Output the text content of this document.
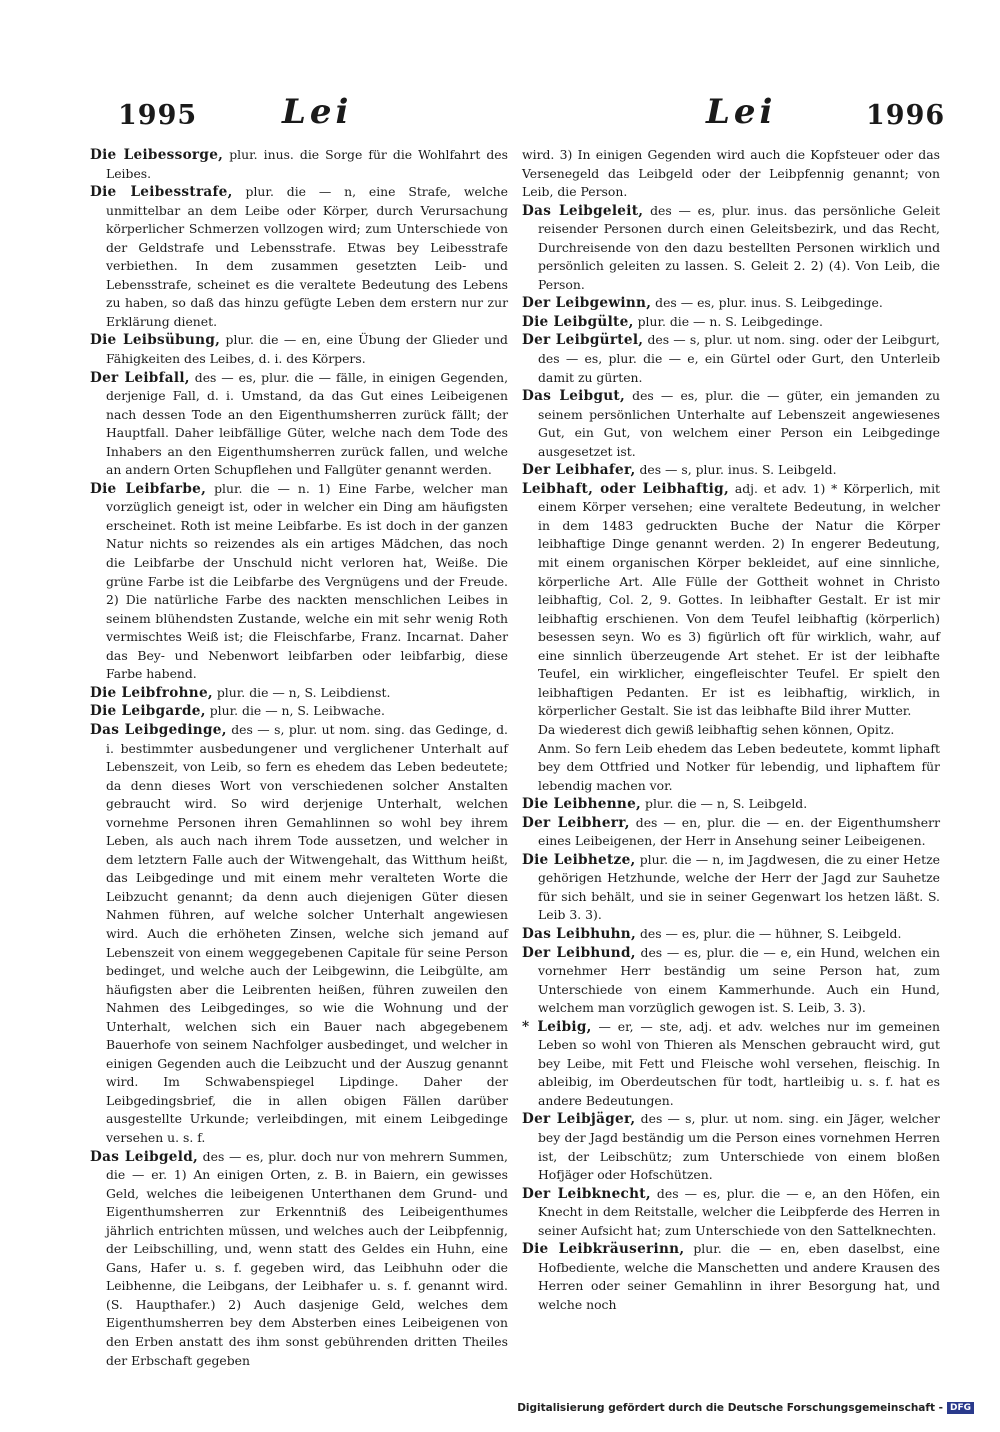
1995 Lei	Lei	1996

Die Leibessorge, plur. inus. die Sorge für die Wohlfahrt des Leibes.

Die Leibesstrafe, plur. die — n, eine Strafe, welche unmittelbar an dem Leibe oder Körper, durch Verursachung körperlicher Schmerzen vollzogen wird; zum Unterschiede von der Geldstrafe und Lebensstrafe. Etwas bey Leibesstrafe verbiethen. In dem zusammen gesetzten Leib- und Lebensstrafe, scheinet es die veraltete Bedeutung des Lebens zu haben, so daß das hinzu gefügte Leben dem erstern nur zur Erklärung dienet.

Die Leibsübung, plur. die — en, eine Übung der Glieder und Fähigkeiten des Leibes, d. i. des Körpers.

Der Leibfall, des — es, plur. die — fälle, in einigen Gegenden, derjenige Fall, d. i. Umstand, da das Gut eines Leibeigenen nach dessen Tode an den Eigenthumsherren zurück fällt; der Hauptfall. Daher leibfällige Güter, welche nach dem Tode des Inhabers an den Eigenthumsherren zurück fallen, und welche an andern Orten Schupflehen und Fallgüter genannt werden.

Die Leibfarbe, plur. die — n. 1) Eine Farbe, welcher man vorzüglich geneigt ist, oder in welcher ein Ding am häufigsten erscheinet. Roth ist meine Leibfarbe. Es ist doch in der ganzen Natur nichts so reizendes als ein artiges Mädchen, das noch die Leibfarbe der Unschuld nicht verloren hat, Weiße. Die grüne Farbe ist die Leibfarbe des Vergnügens und der Freude. 2) Die natürliche Farbe des nackten menschlichen Leibes in seinem blühendsten Zustande, welche ein mit sehr wenig Roth vermischtes Weiß ist; die Fleischfarbe, Franz. Incarnat. Daher das Bey- und Nebenwort leibfarben oder leibfarbig, diese Farbe habend.

Die Leibfrohne, plur. die — n, S. Leibdienst.

Die Leibgarde, plur. die — n, S. Leibwache.

Das Leibgedinge, des — s, plur. ut nom. sing. das Gedinge, d. i. bestimmter ausbedungener und verglichener Unterhalt auf Lebenszeit, von Leib, so fern es ehedem das Leben bedeutete; da denn dieses Wort von verschiedenen solcher Anstalten gebraucht wird. So wird derjenige Unterhalt, welchen vornehme Personen ihren Gemahlinnen so wohl bey ihrem Leben, als auch nach ihrem Tode aussetzen, und welcher in dem letztern Falle auch der Witwengehalt, das Witthum heißt, das Leibgedinge und mit einem mehr veralteten Worte die Leibzucht genannt; da denn auch diejenigen Güter diesen Nahmen führen, auf welche solcher Unterhalt angewiesen wird. Auch die erhöheten Zinsen, welche sich jemand auf Lebenszeit von einem weggegebenen Capitale für seine Person bedinget, und welche auch der Leibgewinn, die Leibgülte, am häufigsten aber die Leibrenten heißen, führen zuweilen den Nahmen des Leibgedinges, so wie die Wohnung und der Unterhalt, welchen sich ein Bauer nach abgegebenem Bauerhofe von seinem Nachfolger ausbedinget, und welcher in einigen Gegenden auch die Leibzucht und der Auszug genannt wird. Im Schwabenspiegel Lipdinge. Daher der Leibgedingsbrief, die in allen obigen Fällen darüber ausgestellte Urkunde; verleibdingen, mit einem Leibgedinge versehen u. s. f.

Das Leibgeld, des — es, plur. doch nur von mehrern Summen, die — er. 1) An einigen Orten, z. B. in Baiern, ein gewisses Geld, welches die leibeigenen Unterthanen dem Grund- und Eigenthumsherren zur Erkenntniß des Leibeigenthumes jährlich entrichten müssen, und welches auch der Leibpfennig, der Leibschilling, und, wenn statt des Geldes ein Huhn, eine Gans, Hafer u. s. f. gegeben wird, das Leibhuhn oder die Leibhenne, die Leibgans, der Leibhafer u. s. f. genannt wird. (S. Haupthafer.) 2) Auch dasjenige Geld, welches dem Eigenthumsherren bey dem Absterben eines Leibeigenen von den Erben anstatt des ihm sonst gebührenden dritten Theiles der Erbschaft gegeben

wird. 3) In einigen Gegenden wird auch die Kopfsteuer oder das Versenegeld das Leibgeld oder der Leibpfennig genannt; von Leib, die Person.

Das Leibgeleit, des — es, plur. inus. das persönliche Geleit reisender Personen durch einen Geleitsbezirk, und das Recht, Durchreisende von den dazu bestellten Personen wirklich und persönlich geleiten zu lassen. S. Geleit 2. 2) (4). Von Leib, die Person.

Der Leibgewinn, des — es, plur. inus. S. Leibgedinge.

Die Leibgülte, plur. die — n. S. Leibgedinge.

Der Leibgürtel, des — s, plur. ut nom. sing. oder der Leibgurt, des — es, plur. die — e, ein Gürtel oder Gurt, den Unterleib damit zu gürten.

Das Leibgut, des — es, plur. die — güter, ein jemanden zu seinem persönlichen Unterhalte auf Lebenszeit angewiesenes Gut, ein Gut, von welchem einer Person ein Leibgedinge ausgesetzet ist.

Der Leibhafer, des — s, plur. inus. S. Leibgeld.

Leibhaft, oder Leibhaftig, adj. et adv. 1) * Körperlich, mit einem Körper versehen; eine veraltete Bedeutung, in welcher in dem 1483 gedruckten Buche der Natur die Körper leibhaftige Dinge genannt werden. 2) In engerer Bedeutung, mit einem organischen Körper bekleidet, auf eine sinnliche, körperliche Art. Alle Fülle der Gottheit wohnet in Christo leibhaftig, Col. 2, 9. Gottes. In leibhafter Gestalt. Er ist mir leibhaftig erschienen. Von dem Teufel leibhaftig (körperlich) besessen seyn. Wo es 3) figürlich oft für wirklich, wahr, auf eine sinnlich überzeugende Art stehet. Er ist der leibhafte Teufel, ein wirklicher, eingefleischter Teufel. Er spielt den leibhaftigen Pedanten. Er ist es leibhaftig, wirklich, in körperlicher Gestalt. Sie ist das leibhafte Bild ihrer Mutter.

Da wiederest dich gewiß leibhaftig sehen können, Opitz.

Anm. So fern Leib ehedem das Leben bedeutete, kommt liphaft bey dem Ottfried und Notker für lebendig, und liphaftem für lebendig machen vor.

Die Leibhenne, plur. die — n, S. Leibgeld.

Der Leibherr, des — en, plur. die — en. der Eigenthumsherr eines Leibeigenen, der Herr in Ansehung seiner Leibeigenen.

Die Leibhetze, plur. die — n, im Jagdwesen, die zu einer Hetze gehörigen Hetzhunde, welche der Herr der Jagd zur Sauhetze für sich behält, und sie in seiner Gegenwart los hetzen läßt. S. Leib 3. 3).

Das Leibhuhn, des — es, plur. die — hühner, S. Leibgeld.

Der Leibhund, des — es, plur. die — e, ein Hund, welchen ein vornehmer Herr beständig um seine Person hat, zum Unterschiede von einem Kammerhunde. Auch ein Hund, welchem man vorzüglich gewogen ist. S. Leib, 3. 3).

* Leibig, — er, — ste, adj. et adv. welches nur im gemeinen Leben so wohl von Thieren als Menschen gebraucht wird, gut bey Leibe, mit Fett und Fleische wohl versehen, fleischig. In ableibig, im Oberdeutschen für todt, hartleibig u. s. f. hat es andere Bedeutungen.

Der Leibjäger, des — s, plur. ut nom. sing. ein Jäger, welcher bey der Jagd beständig um die Person eines vornehmen Herren ist, der Leibschütz; zum Unterschiede von einem bloßen Hofjäger oder Hofschützen.

Der Leibknecht, des — es, plur. die — e, an den Höfen, ein Knecht in dem Reitstalle, welcher die Leibpferde des Herren in seiner Aufsicht hat; zum Unterschiede von den Sattelknechten.

Die Leibkräuserinn, plur. die — en, eben daselbst, eine Hofbediente, welche die Manschetten und andere Krausen des Herren oder seiner Gemahlinn in ihrer Besorgung hat, und welche noch

Digitalisierung gefördert durch die Deutsche Forschungsgemeinschaft - DFG
